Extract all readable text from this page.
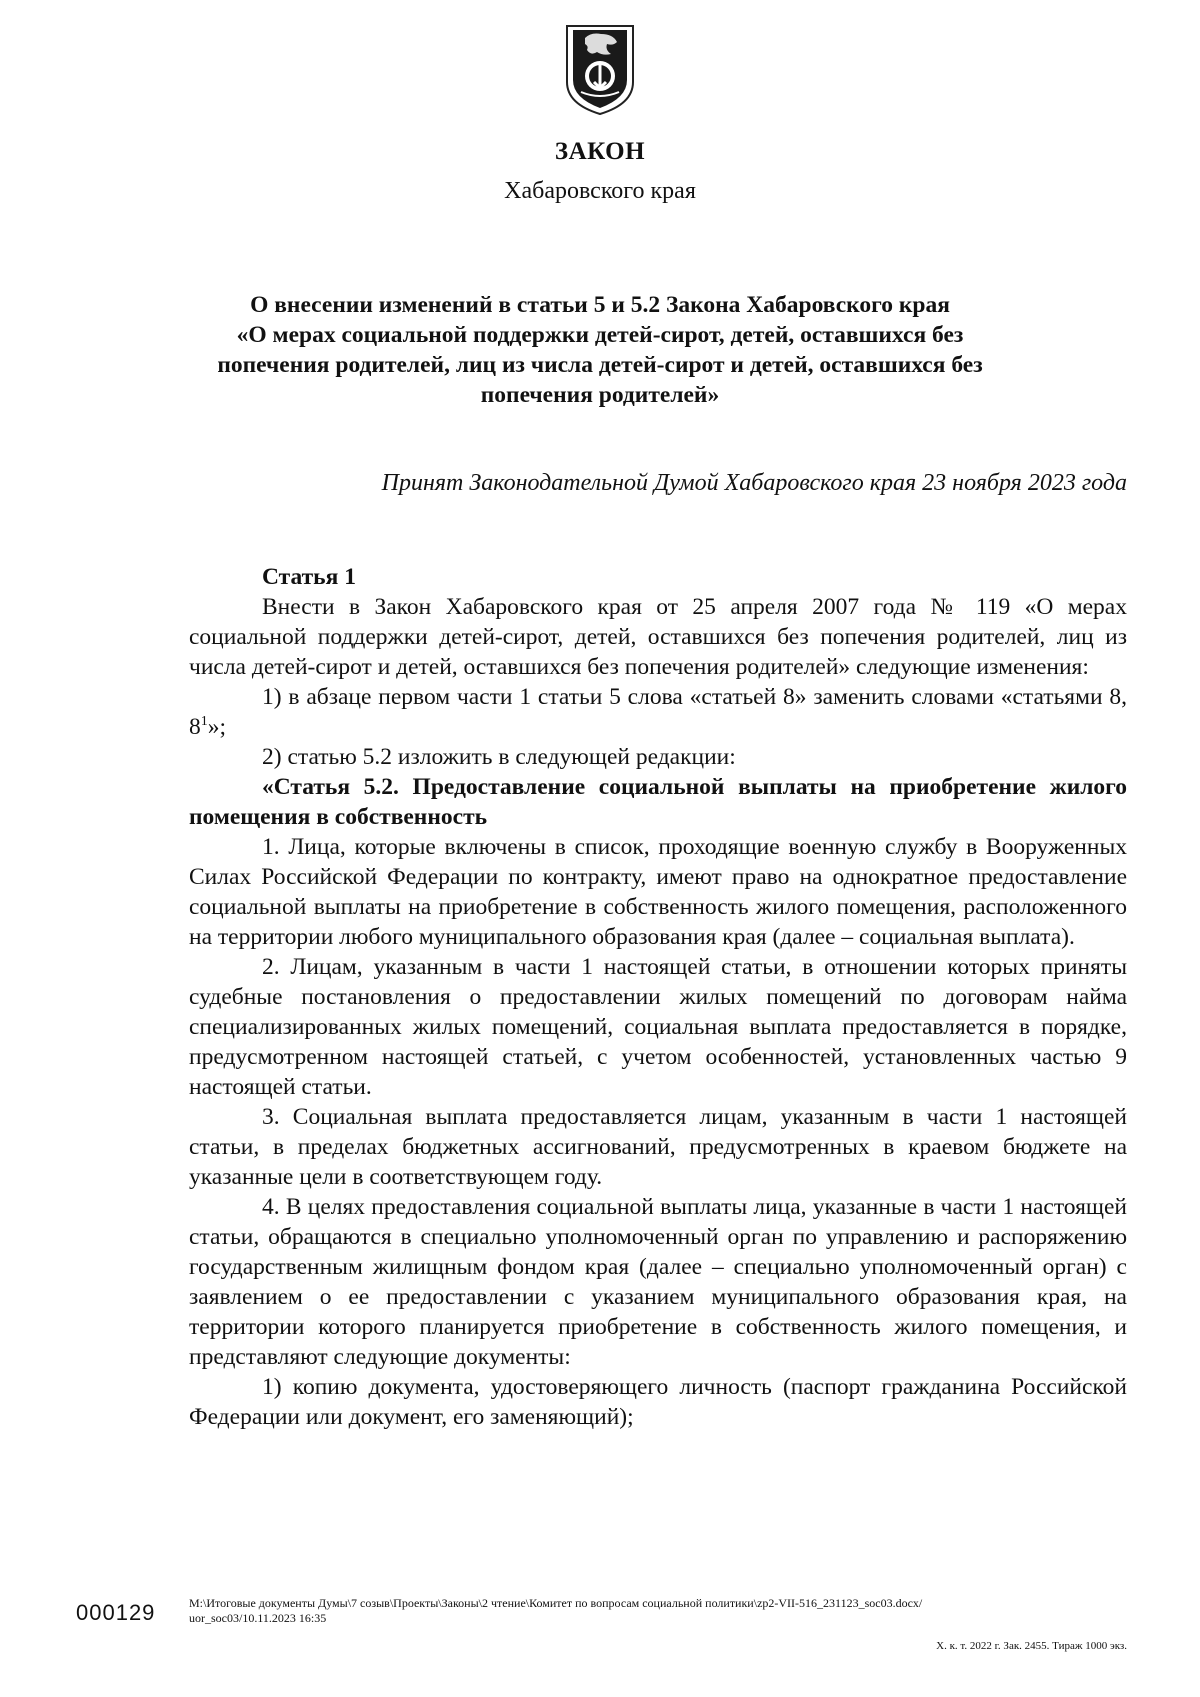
ЗАКОН
Хабаровского края
О внесении изменений в статьи 5 и 5.2 Закона Хабаровского края
«О мерах социальной поддержки детей-сирот, детей, оставшихся без
попечения родителей, лиц из числа детей-сирот и детей, оставшихся без
попечения родителей»
Принят Законодательной Думой Хабаровского края 23 ноября 2023 года

Статья 1

Внести в Закон Хабаровского края от 25 апреля 2007 года № 119 «О мерах социальной поддержки детей-сирот, детей, оставшихся без попечения родителей, лиц из числа детей-сирот и детей, оставшихся без попечения родителей» следующие изменения:

1) в абзаце первом части 1 статьи 5 слова «статьей 8» заменить словами «статьями 8, $8^1$»;

2) статью 5.2 изложить в следующей редакции:

«Статья 5.2. Предоставление социальной выплаты на приобретение жилого помещения в собственность

1. Лица, которые включены в список, проходящие военную службу в Вооруженных Силах Российской Федерации по контракту, имеют право на однократное предоставление социальной выплаты на приобретение в собственность жилого помещения, расположенного на территории любого муниципального образования края (далее – социальная выплата).

2. Лицам, указанным в части 1 настоящей статьи, в отношении которых приняты судебные постановления о предоставлении жилых помещений по договорам найма специализированных жилых помещений, социальная выплата предоставляется в порядке, предусмотренном настоящей статьей, с учетом особенностей, установленных частью 9 настоящей статьи.

3. Социальная выплата предоставляется лицам, указанным в части 1 настоящей статьи, в пределах бюджетных ассигнований, предусмотренных в краевом бюджете на указанные цели в соответствующем году.

4. В целях предоставления социальной выплаты лица, указанные в части 1 настоящей статьи, обращаются в специально уполномоченный орган по управлению и распоряжению государственным жилищным фондом края (далее – специально уполномоченный орган) с заявлением о ее предоставлении с указанием муниципального образования края, на территории которого планируется приобретение в собственность жилого помещения, и представляют следующие документы:

1) копию документа, удостоверяющего личность (паспорт гражданина Российской Федерации или документ, его заменяющий);

000129	M:\Итоговые документы Думы\7 созыв\Проекты\Законы\2 чтение\Комитет по вопросам социальной политики\zp2-VII-516_231123_soc03.docx/
uor_soc03/10.11.2023 16:35
Х. к. т. 2022 г. Зак. 2455. Тираж 1000 экз.
